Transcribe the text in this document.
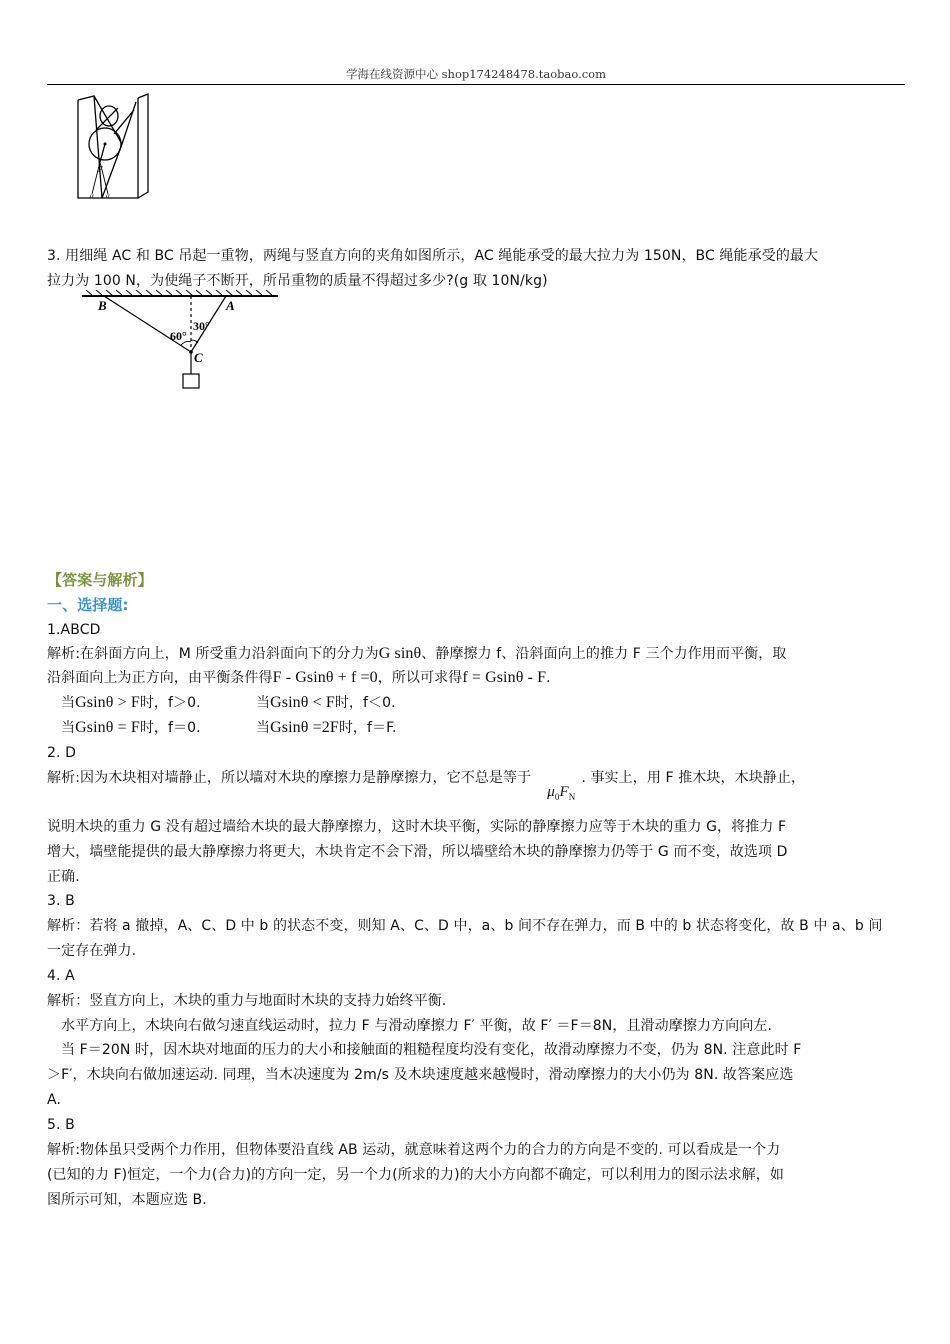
学海在线资源中心 shop174248478.taobao.com
F
α α
3. 用细绳 AC 和 BC 吊起一重物，两绳与竖直方向的夹角如图所示，AC 绳能承受的最大拉力为 150N，BC 绳能承受的最大
拉力为 100 N，为使绳子不断开，所吊重物的质量不得超过多少?(g 取 10N/kg)
B	A
C
60°
30°
【答案与解析】
一、选择题:
1.ABCD
解析:在斜面方向上，M 所受重力沿斜面向下的分力为G sinθ、静摩擦力 f、沿斜面向上的推力 F 三个力作用而平衡，取
沿斜面向上为正方向，由平衡条件得F - Gsinθ + f =0，所以可求得f = Gsinθ - F.
当Gsinθ > F时，f＞0.	当Gsinθ < F时，f＜0.
当Gsinθ = F时，f＝0.	当Gsinθ =2F时，f＝F.
2. D
解析:因为木块相对墙静止，所以墙对木块的摩擦力是静摩擦力，它不总是等于$\mu_0F_N$. 事实上，用 F 推木块，木块静止，
说明木块的重力 G 没有超过墙给木块的最大静摩擦力，这时木块平衡，实际的静摩擦力应等于木块的重力 G，将推力 F
增大，墙壁能提供的最大静摩擦力将更大，木块肯定不会下滑，所以墙壁给木块的静摩擦力仍等于 G 而不变，故选项 D
正确.
3. B
解析：若将 a 撤掉，A、C、D 中 b 的状态不变，则知 A、C、D 中，a、b 间不存在弹力，而 B 中的 b 状态将变化，故 B 中 a、b 间
一定存在弹力.
4. A
解析：竖直方向上，木块的重力与地面时木块的支持力始终平衡.
水平方向上，木块向右做匀速直线运动时，拉力 F 与滑动摩擦力 F′ 平衡，故 F′ ＝F＝8N，且滑动摩擦力方向向左.
当 F＝20N 时，因木块对地面的压力的大小和接触面的粗糙程度均没有变化，故滑动摩擦力不变，仍为 8N. 注意此时 F
＞F′，木块向右做加速运动. 同理，当木决速度为 2m/s 及木块速度越来越慢时，滑动摩擦力的大小仍为 8N. 故答案应选
A.
5. B
解析:物体虽只受两个力作用，但物体要沿直线 AB 运动，就意味着这两个力的合力的方向是不变的. 可以看成是一个力
(已知的力 F)恒定，一个力(合力)的方向一定，另一个力(所求的力)的大小方向都不确定，可以利用力的图示法求解，如
图所示可知，本题应选 B.
